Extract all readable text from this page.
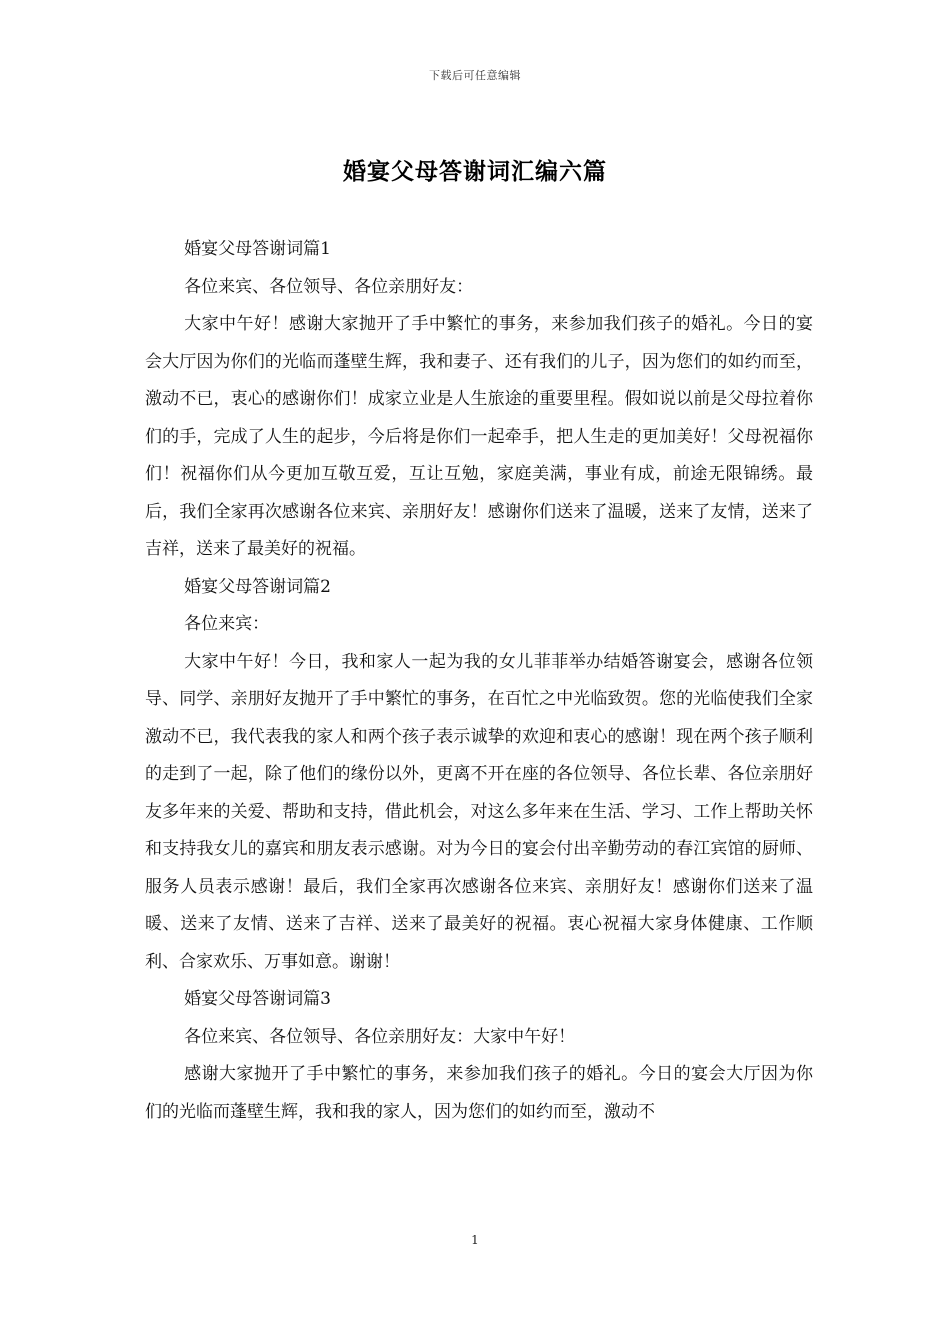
下载后可任意编辑
婚宴父母答谢词汇编六篇

婚宴父母答谢词篇1

各位来宾、各位领导、各位亲朋好友：

大家中午好！感谢大家抛开了手中繁忙的事务，来参加我们孩子的婚礼。今日的宴会大厅因为你们的光临而蓬壁生辉，我和妻子、还有我们的儿子，因为您们的如约而至，激动不已，衷心的感谢你们！成家立业是人生旅途的重要里程。假如说以前是父母拉着你们的手，完成了人生的起步，今后将是你们一起牵手，把人生走的更加美好！父母祝福你们！祝福你们从今更加互敬互爱，互让互勉，家庭美满，事业有成，前途无限锦绣。最后，我们全家再次感谢各位来宾、亲朋好友！感谢你们送来了温暖，送来了友情，送来了吉祥，送来了最美好的祝福。

婚宴父母答谢词篇2

各位来宾：

大家中午好！今日，我和家人一起为我的女儿菲菲举办结婚答谢宴会，感谢各位领导、同学、亲朋好友抛开了手中繁忙的事务，在百忙之中光临致贺。您的光临使我们全家激动不已，我代表我的家人和两个孩子表示诚挚的欢迎和衷心的感谢！现在两个孩子顺利的走到了一起，除了他们的缘份以外，更离不开在座的各位领导、各位长辈、各位亲朋好友多年来的关爱、帮助和支持，借此机会，对这么多年来在生活、学习、工作上帮助关怀和支持我女儿的嘉宾和朋友表示感谢。对为今日的宴会付出辛勤劳动的春江宾馆的厨师、服务人员表示感谢！最后，我们全家再次感谢各位来宾、亲朋好友！感谢你们送来了温暖、送来了友情、送来了吉祥、送来了最美好的祝福。衷心祝福大家身体健康、工作顺利、合家欢乐、万事如意。谢谢！

婚宴父母答谢词篇3

各位来宾、各位领导、各位亲朋好友：大家中午好！

感谢大家抛开了手中繁忙的事务，来参加我们孩子的婚礼。今日的宴会大厅因为你们的光临而蓬壁生辉，我和我的家人，因为您们的如约而至，激动不

1
